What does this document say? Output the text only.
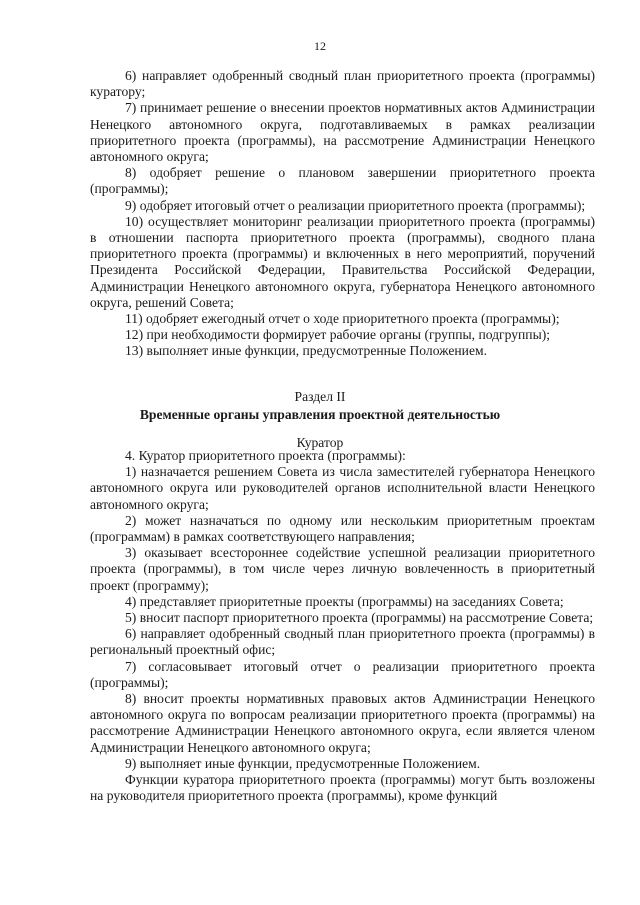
12

6) направляет одобренный сводный план приоритетного проекта (программы) куратору;

7) принимает решение о внесении проектов нормативных актов Администрации Ненецкого автономного округа, подготавливаемых в рамках реализации приоритетного проекта (программы), на рассмотрение Администрации Ненецкого автономного округа;

8) одобряет решение о плановом завершении приоритетного проекта (программы);

9) одобряет итоговый отчет о реализации приоритетного проекта (программы);

10) осуществляет мониторинг реализации приоритетного проекта (программы) в отношении паспорта приоритетного проекта (программы), сводного плана приоритетного проекта (программы) и включенных в него мероприятий, поручений Президента Российской Федерации, Правительства Российской Федерации, Администрации Ненецкого автономного округа, губернатора Ненецкого автономного округа, решений Совета;

11) одобряет ежегодный отчет о ходе приоритетного проекта (программы);

12) при необходимости формирует рабочие органы (группы, подгруппы);

13) выполняет иные функции, предусмотренные Положением.

Раздел II

Временные органы управления проектной деятельностью

Куратор

4. Куратор приоритетного проекта (программы):

1) назначается решением Совета из числа заместителей губернатора Ненецкого автономного округа или руководителей органов исполнительной власти Ненецкого автономного округа;

2) может назначаться по одному или нескольким приоритетным проектам (программам) в рамках соответствующего направления;

3) оказывает всестороннее содействие успешной реализации приоритетного проекта (программы), в том числе через личную вовлеченность в приоритетный проект (программу);

4) представляет приоритетные проекты (программы) на заседаниях Совета;

5) вносит паспорт приоритетного проекта (программы) на рассмотрение Совета;

6) направляет одобренный сводный план приоритетного проекта (программы) в региональный проектный офис;

7) согласовывает итоговый отчет о реализации приоритетного проекта (программы);

8) вносит проекты нормативных правовых актов Администрации Ненецкого автономного округа по вопросам реализации приоритетного проекта (программы) на рассмотрение Администрации Ненецкого автономного округа, если является членом Администрации Ненецкого автономного округа;

9) выполняет иные функции, предусмотренные Положением.

Функции куратора приоритетного проекта (программы) могут быть возложены на руководителя приоритетного проекта (программы), кроме функций
